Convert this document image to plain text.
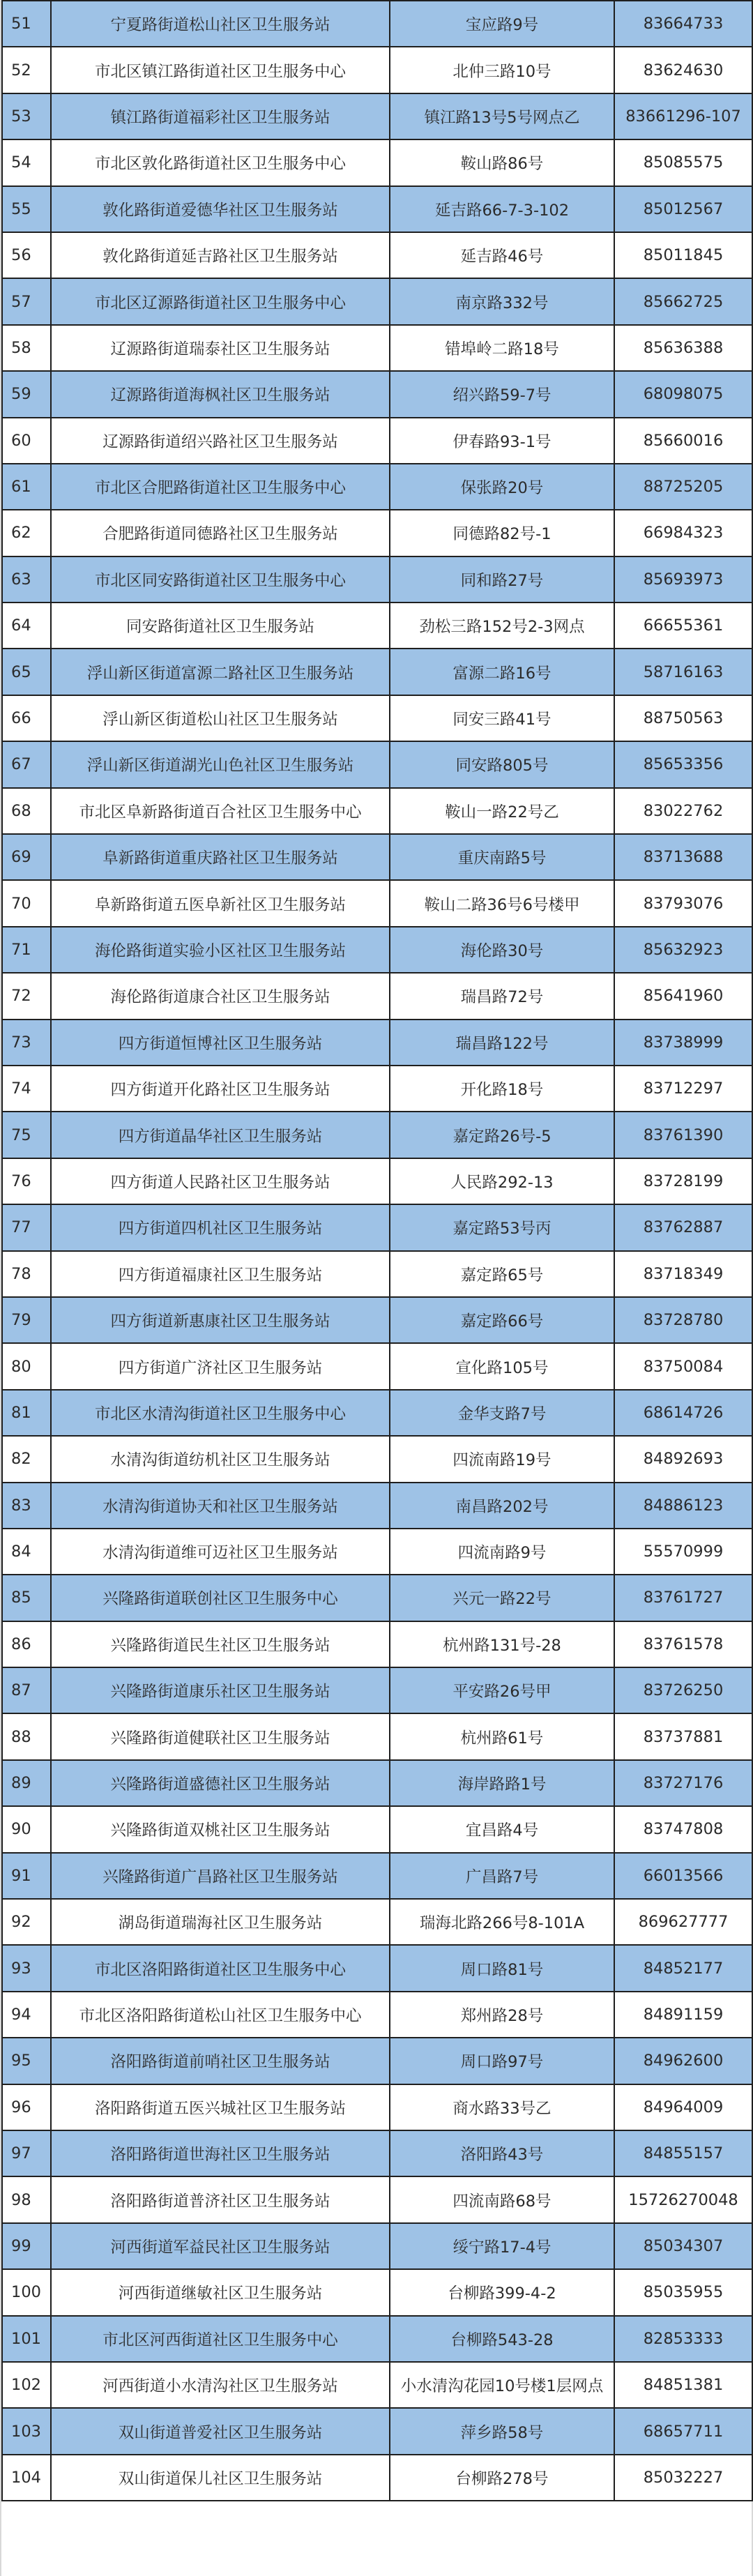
51	宁夏路街道松山社区卫生服务站	宝应路9号	83664733
52	市北区镇江路街道社区卫生服务中心	北仲三路10号	83624630
53	镇江路街道福彩社区卫生服务站	镇江路13号5号网点乙	83661296-107
54	市北区敦化路街道社区卫生服务中心	鞍山路86号	85085575
55	敦化路街道爱德华社区卫生服务站	延吉路66-7-3-102	85012567
56	敦化路街道延吉路社区卫生服务站	延吉路46号	85011845
57	市北区辽源路街道社区卫生服务中心	南京路332号	85662725
58	辽源路街道瑞泰社区卫生服务站	错埠岭二路18号	85636388
59	辽源路街道海枫社区卫生服务站	绍兴路59-7号	68098075
60	辽源路街道绍兴路社区卫生服务站	伊春路93-1号	85660016
61	市北区合肥路街道社区卫生服务中心	保张路20号	88725205
62	合肥路街道同德路社区卫生服务站	同德路82号-1	66984323
63	市北区同安路街道社区卫生服务中心	同和路27号	85693973
64	同安路街道社区卫生服务站	劲松三路152号2-3网点	66655361
65	浮山新区街道富源二路社区卫生服务站	富源二路16号	58716163
66	浮山新区街道松山社区卫生服务站	同安三路41号	88750563
67	浮山新区街道湖光山色社区卫生服务站	同安路805号	85653356
68	市北区阜新路街道百合社区卫生服务中心	鞍山一路22号乙	83022762
69	阜新路街道重庆路社区卫生服务站	重庆南路5号	83713688
70	阜新路街道五医阜新社区卫生服务站	鞍山二路36号6号楼甲	83793076
71	海伦路街道实验小区社区卫生服务站	海伦路30号	85632923
72	海伦路街道康合社区卫生服务站	瑞昌路72号	85641960
73	四方街道恒博社区卫生服务站	瑞昌路122号	83738999
74	四方街道开化路社区卫生服务站	开化路18号	83712297
75	四方街道晶华社区卫生服务站	嘉定路26号-5	83761390
76	四方街道人民路社区卫生服务站	人民路292-13	83728199
77	四方街道四机社区卫生服务站	嘉定路53号丙	83762887
78	四方街道福康社区卫生服务站	嘉定路65号	83718349
79	四方街道新惠康社区卫生服务站	嘉定路66号	83728780
80	四方街道广济社区卫生服务站	宣化路105号	83750084
81	市北区水清沟街道社区卫生服务中心	金华支路7号	68614726
82	水清沟街道纺机社区卫生服务站	四流南路19号	84892693
83	水清沟街道协天和社区卫生服务站	南昌路202号	84886123
84	水清沟街道维可迈社区卫生服务站	四流南路9号	55570999
85	兴隆路街道联创社区卫生服务中心	兴元一路22号	83761727
86	兴隆路街道民生社区卫生服务站	杭州路131号-28	83761578
87	兴隆路街道康乐社区卫生服务站	平安路26号甲	83726250
88	兴隆路街道健联社区卫生服务站	杭州路61号	83737881
89	兴隆路街道盛德社区卫生服务站	海岸路路1号	83727176
90	兴隆路街道双桃社区卫生服务站	宜昌路4号	83747808
91	兴隆路街道广昌路社区卫生服务站	广昌路7号	66013566
92	湖岛街道瑞海社区卫生服务站	瑞海北路266号8-101A	869627777
93	市北区洛阳路街道社区卫生服务中心	周口路81号	84852177
94	市北区洛阳路街道松山社区卫生服务中心	郑州路28号	84891159
95	洛阳路街道前哨社区卫生服务站	周口路97号	84962600
96	洛阳路街道五医兴城社区卫生服务站	商水路33号乙	84964009
97	洛阳路街道世海社区卫生服务站	洛阳路43号	84855157
98	洛阳路街道普济社区卫生服务站	四流南路68号	15726270048
99	河西街道军益民社区卫生服务站	绥宁路17-4号	85034307
100	河西街道继敏社区卫生服务站	台柳路399-4-2	85035955
101	市北区河西街道社区卫生服务中心	台柳路543-28	82853333
102	河西街道小水清沟社区卫生服务站	小水清沟花园10号楼1层网点	84851381
103	双山街道普爱社区卫生服务站	萍乡路58号	68657711
104	双山街道保儿社区卫生服务站	台柳路278号	85032227
